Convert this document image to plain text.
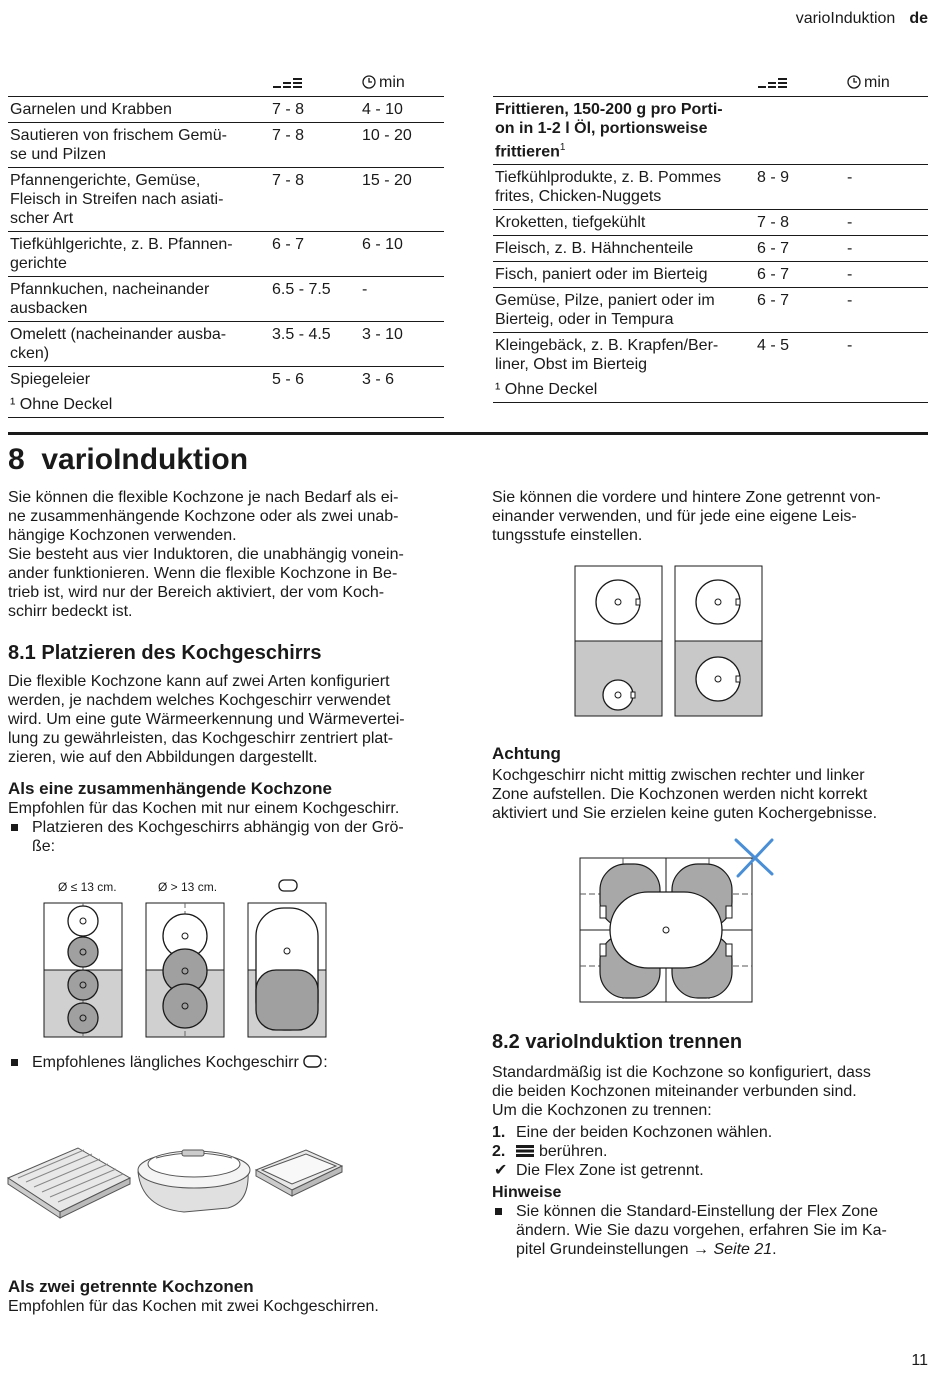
varioInduktion de
		min
Garnelen und Krabben	7 - 8	4 - 10
Sautieren von frischem Gemü-
se und Pilzen	7 - 8	10 - 20
Pfannengerichte, Gemüse,
Fleisch in Streifen nach asiati-
scher Art	7 - 8	15 - 20
Tiefkühlgerichte, z. B. Pfannen-
gerichte	6 - 7	6 - 10
Pfannkuchen, nacheinander
ausbacken	6.5 - 7.5	-
Omelett (nacheinander ausba-
cken)	3.5 - 4.5	3 - 10
Spiegeleier	5 - 6	3 - 6
¹ Ohne Deckel		
		min
Frittieren, 150-200 g pro Porti-
on in 1-2 l Öl, portionsweise
frittieren$^1$
Tiefkühlprodukte, z. B. Pommes
frites, Chicken-Nuggets	8 - 9	-
Kroketten, tiefgekühlt	7 - 8	-
Fleisch, z. B. Hähnchenteile	6 - 7	-
Fisch, paniert oder im Bierteig	6 - 7	-
Gemüse, Pilze, paniert oder im
Bierteig, oder in Tempura	6 - 7	-
Kleingebäck, z. B. Krapfen/Ber-
liner, Obst im Bierteig	4 - 5	-
¹ Ohne Deckel		
8 varioInduktion

Sie können die flexible Kochzone je nach Bedarf als ei-
ne zusammenhängende Kochzone oder als zwei unab-
hängige Kochzonen verwenden.

Sie besteht aus vier Induktoren, die unabhängig vonein-
ander funktionieren. Wenn die flexible Kochzone in Be-
trieb ist, wird nur der Bereich aktiviert, der vom Koch-
schirr bedeckt ist.

8.1 Platzieren des Kochgeschirrs

Die flexible Kochzone kann auf zwei Arten konfiguriert
werden, je nachdem welches Kochgeschirr verwendet
wird. Um eine gute Wärmeerkennung und Wärmevertei-
lung zu gewährleisten, das Kochgeschirr zentriert plat-
zieren, wie auf den Abbildungen dargestellt.

Als eine zusammenhängende Kochzone

Empfohlen für das Kochen mit nur einem Kochgeschirr.

Platzieren des Kochgeschirrs abhängig von der Grö-
ße:
Ø ≤ 13 cm.	Ø > 13 cm.
Empfohlenes längliches Kochgeschirr :
Als zwei getrennte Kochzonen

Empfohlen für das Kochen mit zwei Kochgeschirren.

Sie können die vordere und hintere Zone getrennt von-
einander verwenden, und für jede eine eigene Leis-
tungsstufe einstellen.

Achtung

Kochgeschirr nicht mittig zwischen rechter und linker
Zone aufstellen. Die Kochzonen werden nicht korrekt
aktiviert und Sie erzielen keine guten Kochergebnisse.

8.2 varioInduktion trennen

Standardmäßig ist die Kochzone so konfiguriert, dass
die beiden Kochzonen miteinander verbunden sind.
Um die Kochzonen zu trennen:

1. Eine der beiden Kochzonen wählen.
2. berühren.
✔ Die Flex Zone ist getrennt.
Hinweise
Sie können die Standard-Einstellung der Flex Zone
ändern. Wie Sie dazu vorgehen, erfahren Sie im Ka-
pitel Grundeinstellungen → Seite 21.
11
